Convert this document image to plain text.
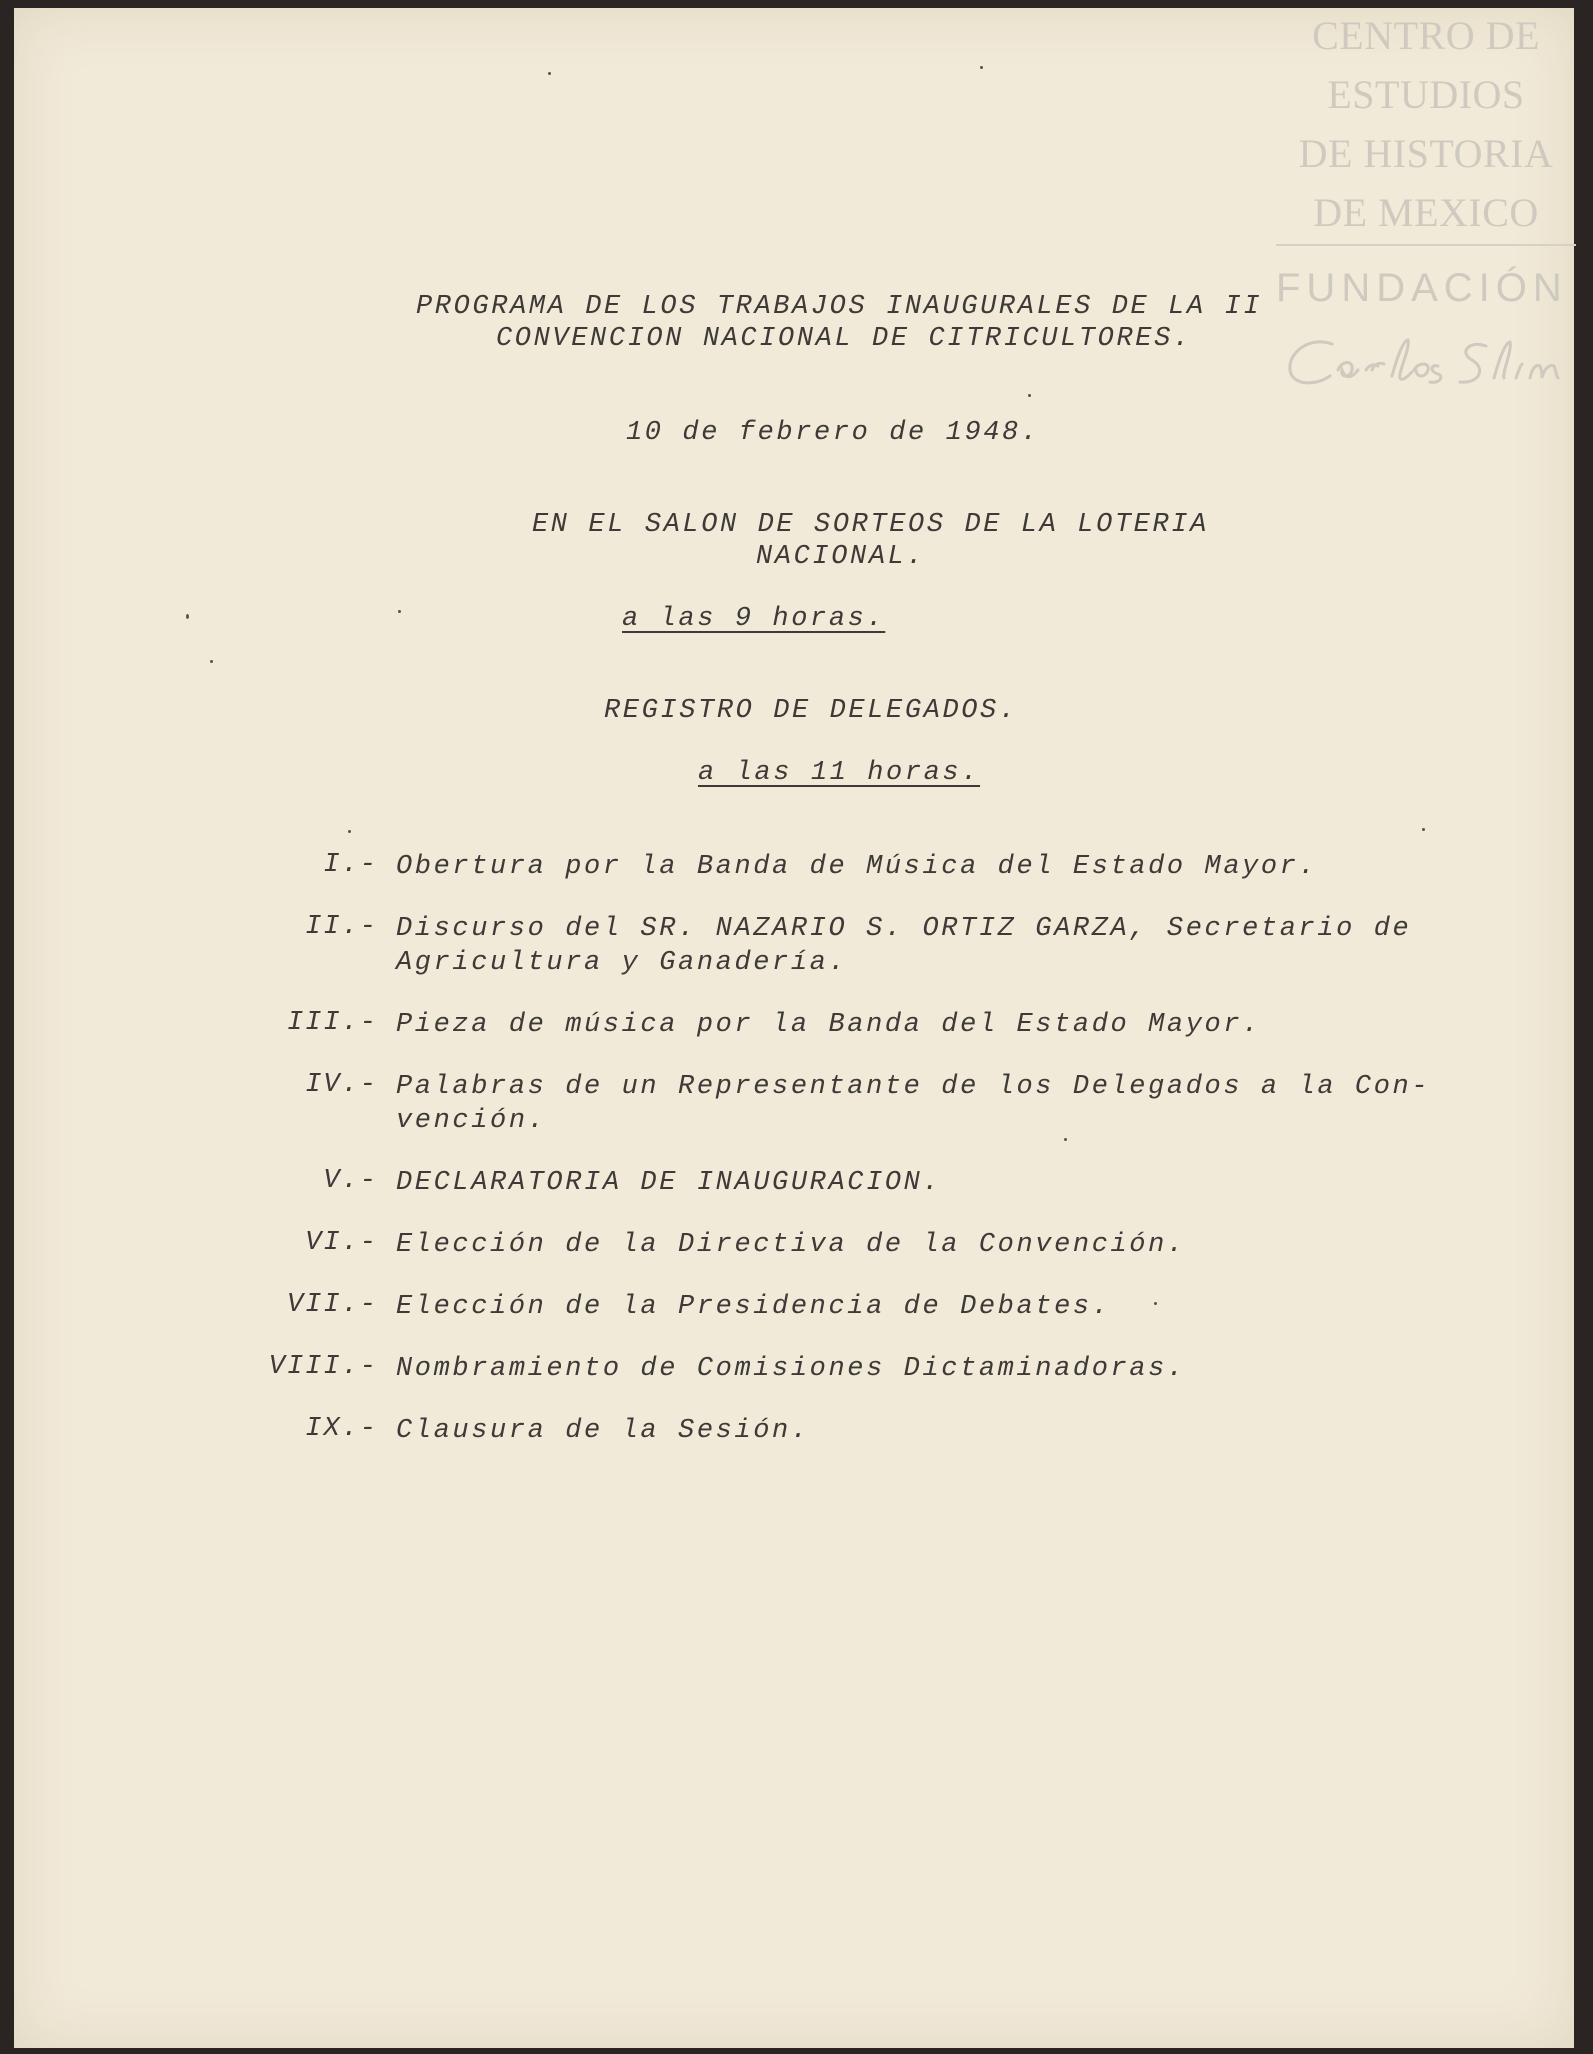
PROGRAMA DE LOS TRABAJOS INAUGURALES DE LA II
CONVENCION NACIONAL DE CITRICULTORES.
10 de febrero de 1948.
EN EL SALON DE SORTEOS DE LA LOTERIA
NACIONAL.
a las 9 horas.
REGISTRO DE DELEGADOS.
a las 11 horas.
I.- Obertura por la Banda de Música del Estado Mayor.
II.- Discurso del SR. NAZARIO S. ORTIZ GARZA, Secretario de
Agricultura y Ganadería.
III.- Pieza de música por la Banda del Estado Mayor.
IV.- Palabras de un Representante de los Delegados a la Con-
vención.
V.- DECLARATORIA DE INAUGURACION.
VI.- Elección de la Directiva de la Convención.
VII.- Elección de la Presidencia de Debates.
VIII.- Nombramiento de Comisiones Dictaminadoras.
IX.- Clausura de la Sesión.
CENTRO DE
ESTUDIOS
DE HISTORIA
DE MEXICO
FUNDACIÓN
